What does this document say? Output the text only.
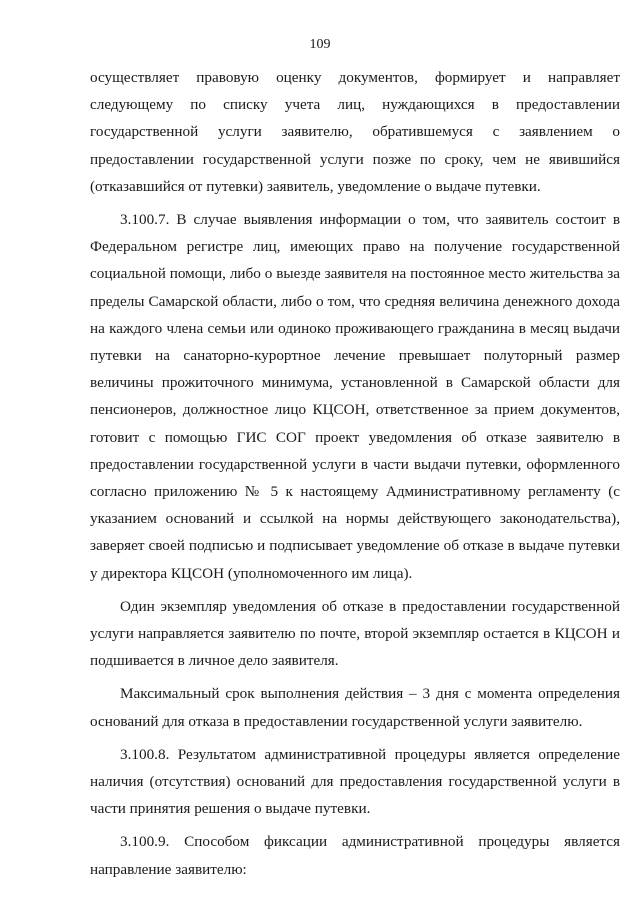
109

осуществляет правовую оценку документов, формирует и направляет следующему по списку учета лиц, нуждающихся в предоставлении государственной услуги заявителю, обратившемуся с заявлением о предоставлении государственной услуги позже по сроку, чем не явившийся (отказавшийся от путевки) заявитель, уведомление о выдаче путевки.

3.100.7. В случае выявления информации о том, что заявитель состоит в Федеральном регистре лиц, имеющих право на получение государственной социальной помощи, либо о выезде заявителя на постоянное место жительства за пределы Самарской области, либо о том, что средняя величина денежного дохода на каждого члена семьи или одиноко проживающего гражданина в месяц выдачи путевки на санаторно-курортное лечение превышает полуторный размер величины прожиточного минимума, установленной в Самарской области для пенсионеров, должностное лицо КЦСОН, ответственное за прием документов, готовит с помощью ГИС СОГ проект уведомления об отказе заявителю в предоставлении государственной услуги в части выдачи путевки, оформленного согласно приложению № 5 к настоящему Административному регламенту (с указанием оснований и ссылкой на нормы действующего законодательства), заверяет своей подписью и подписывает уведомление об отказе в выдаче путевки у директора КЦСОН (уполномоченного им лица).

Один экземпляр уведомления об отказе в предоставлении государственной услуги направляется заявителю по почте, второй экземпляр остается в КЦСОН и подшивается в личное дело заявителя.

Максимальный срок выполнения действия – 3 дня с момента определения оснований для отказа в предоставлении государственной услуги заявителю.

3.100.8. Результатом административной процедуры является определение наличия (отсутствия) оснований для предоставления государственной услуги в части принятия решения о выдаче путевки.

3.100.9. Способом фиксации административной процедуры является направление заявителю:
